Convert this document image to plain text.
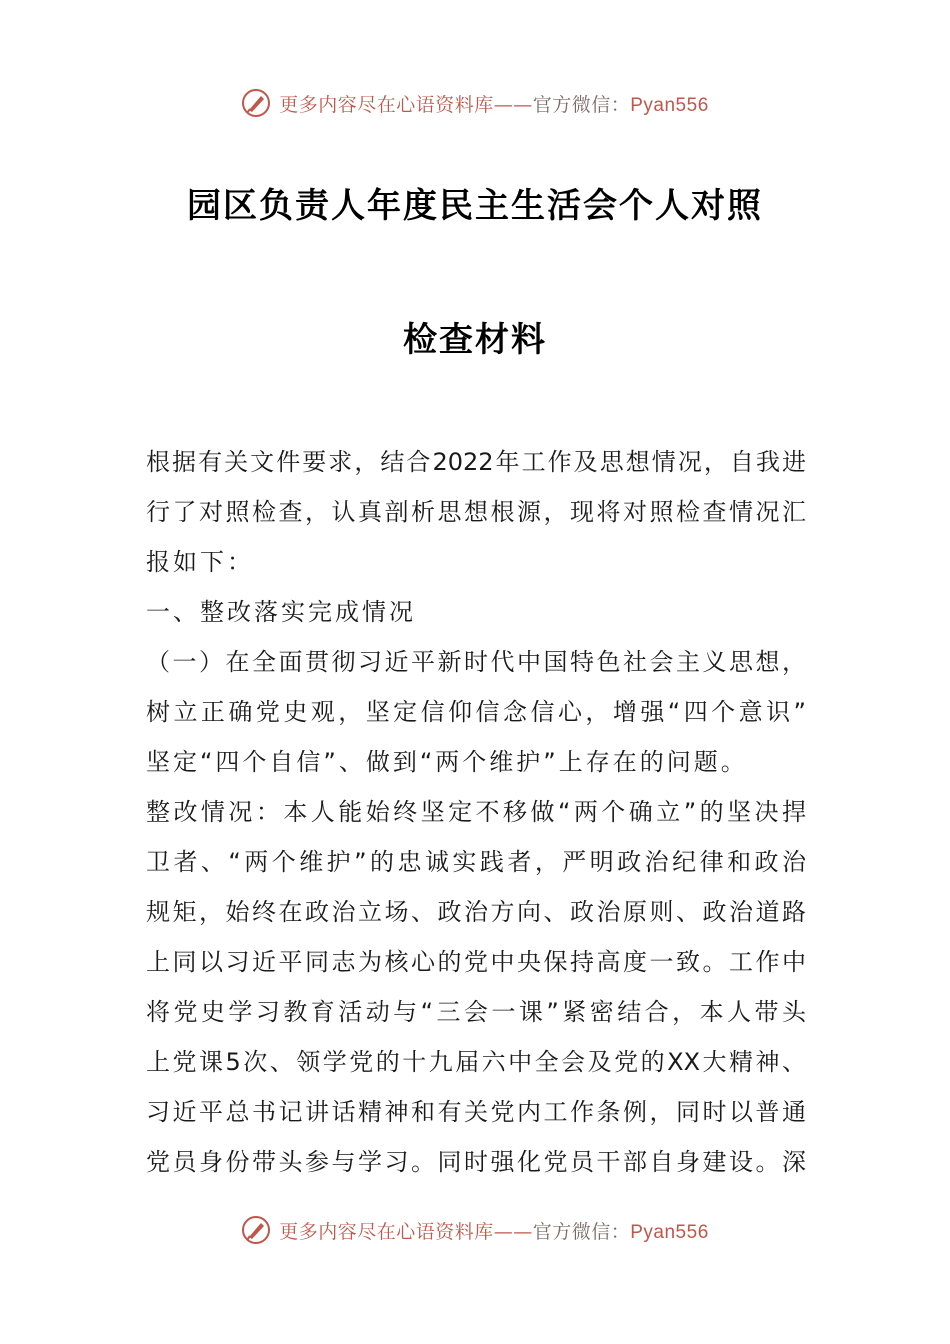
更多内容尽在心语资料库——官方微信：Pyan556
园区负责人年度民主生活会个人对照
检查材料
根据有关文件要求，结合2022年工作及思想情况，自我进
行了对照检查，认真剖析思想根源，现将对照检查情况汇
报如下：
一、整改落实完成情况
（一）在全面贯彻习近平新时代中国特色社会主义思想，
树立正确党史观，坚定信仰信念信心，增强“四个意识”
坚定“四个自信”、做到“两个维护”上存在的问题。
整改情况：本人能始终坚定不移做“两个确立”的坚决捍
卫者、“两个维护”的忠诚实践者，严明政治纪律和政治
规矩，始终在政治立场、政治方向、政治原则、政治道路
上同以习近平同志为核心的党中央保持高度一致。工作中
将党史学习教育活动与“三会一课”紧密结合，本人带头
上党课5次、领学党的十九届六中全会及党的XX大精神、
习近平总书记讲话精神和有关党内工作条例，同时以普通
党员身份带头参与学习。同时强化党员干部自身建设。深
更多内容尽在心语资料库——官方微信：Pyan556
